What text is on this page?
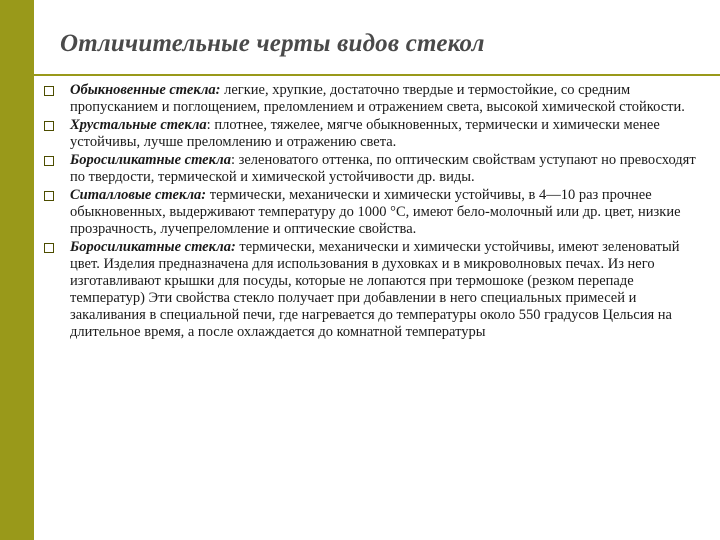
Отличительные черты видов стекол
Обыкновенные стекла: легкие, хрупкие, достаточно твердые и термостойкие, со средним пропусканием и поглощением, преломлением и отражением света, высокой химической стойкости.
Хрустальные стекла: плотнее, тяжелее, мягче обыкновенных, термически и химически менее устойчивы, лучше преломлению и отражению света.
Боросиликатные стекла: зеленоватого оттенка, по оптическим свойствам уступают но превосходят по твердости, термической и химической устойчивости др. виды.
Ситалловые стекла: термически, механически и химически устойчивы, в 4—10 раз прочнее обыкновенных, выдерживают температуру до 1000 °С, имеют бело-молочный или др. цвет, низкие прозрачность, лучепреломление и оптические свойства.
Боросиликатные стекла: термически, механически и химически устойчивы, имеют зеленоватый цвет. Изделия предназначена для использования в духовках и в микроволновых печах. Из него изготавливают крышки для посуды, которые не лопаются при термошоке (резком перепаде температур) Эти свойства стекло получает при добавлении в него специальных примесей и закаливания в специальной печи, где нагревается до температуры около 550 градусов Цельсия на длительное время, а после охлаждается до комнатной температуры
